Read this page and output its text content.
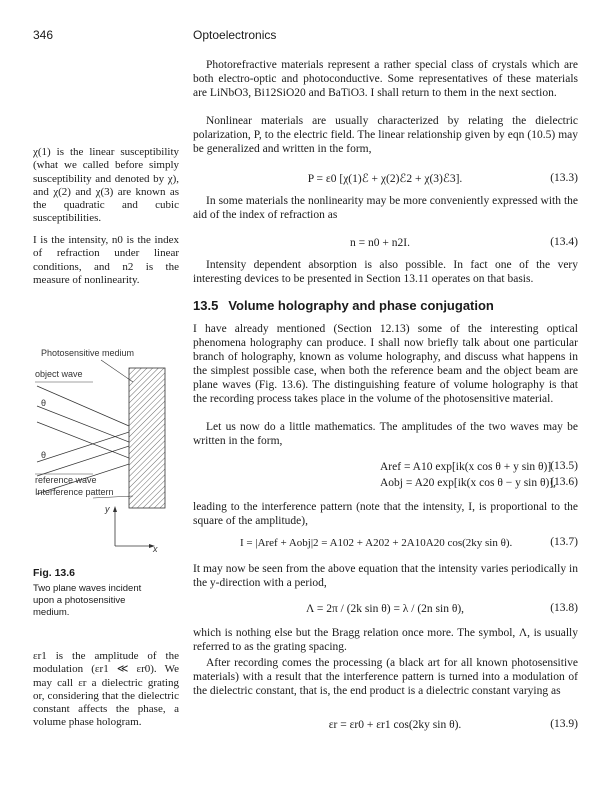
346	Optoelectronics

Photorefractive materials represent a rather special class of crystals which are both electro-optic and photoconductive. Some representatives of these materials are LiNbO3, Bi12SiO20 and BaTiO3. I shall return to them in the next section.

Nonlinear materials are usually characterized by relating the dielectric polarization, P, to the electric field. The linear relationship given by eqn (10.5) may be generalized and written in the form,

P = ε0 [χ(1)ℰ + χ(2)ℰ2 + χ(3)ℰ3].	(13.3)

In some materials the nonlinearity may be more conveniently expressed with the aid of the index of refraction as

n = n0 + n2I.	(13.4)

Intensity dependent absorption is also possible. In fact one of the very interesting devices to be presented in Section 13.11 operates on that basis.

13.5 Volume holography and phase conjugation

I have already mentioned (Section 12.13) some of the interesting optical phenomena holography can produce. I shall now briefly talk about one particular branch of holography, known as volume holography, and discuss what happens in the simplest possible case, when both the reference beam and the object beam are plane waves (Fig. 13.6). The distinguishing feature of volume holography is that the recording process takes place in the volume of the photosensitive material.

Let us now do a little mathematics. The amplitudes of the two waves may be written in the form,

Aref = A10 exp[ik(x cos θ + y sin θ)]
(13.5)
Aobj = A20 exp[ik(x cos θ − y sin θ)],
(13.6)

leading to the interference pattern (note that the intensity, I, is proportional to the square of the amplitude),

I = |Aref + Aobj|2 = A102 + A202 + 2A10A20 cos(2ky sin θ).	(13.7)

It may now be seen from the above equation that the intensity varies periodically in the y-direction with a period,

Λ = 2π / (2k sin θ) = λ / (2n sin θ),	(13.8)

which is nothing else but the Bragg relation once more. The symbol, Λ, is usually referred to as the grating spacing.

After recording comes the processing (a black art for all known photosensitive materials) with a result that the interference pattern is turned into a modulation of the dielectric constant, that is, the end product is a dielectric constant varying as

εr = εr0 + εr1 cos(2ky sin θ).	(13.9)

χ(1) is the linear susceptibility (what we called before simply susceptibility and denoted by χ), and χ(2) and χ(3) are known as the quadratic and cubic susceptibilities.

I is the intensity, n0 is the index of refraction under linear conditions, and n2 is the measure of nonlinearity.

εr1 is the amplitude of the modulation (εr1 ≪ εr0). We may call εr a dielectric grating or, considering that the dielectric constant affects the phase, a volume phase hologram.

Photosensitive medium
object wave
θ
θ
reference wave
Interference pattern
y
x
Fig. 13.6
Two plane waves incident upon a photosensitive medium.
